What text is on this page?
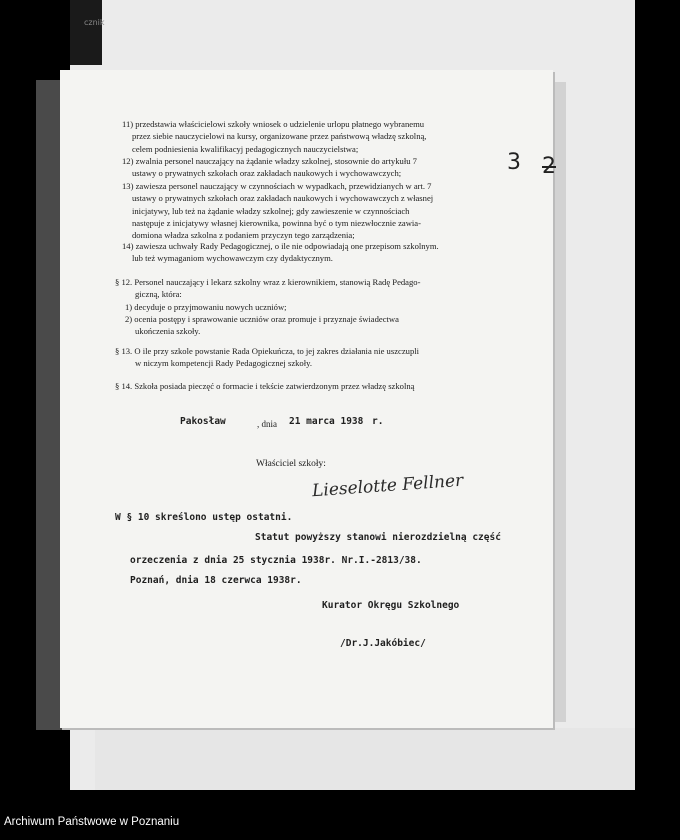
cznik
3 2
11) przedstawia właścicielowi szkoły wniosek o udzielenie urlopu płatnego wybranemu
przez siebie nauczycielowi na kursy, organizowane przez państwową władzę szkolną,
celem podniesienia kwalifikacyj pedagogicznych nauczycielstwa;
12) zwalnia personel nauczający na żądanie władzy szkolnej, stosownie do artykułu 7
ustawy o prywatnych szkołach oraz zakładach naukowych i wychowawczych;
13) zawiesza personel nauczający w czynnościach w wypadkach, przewidzianych w art. 7
ustawy o prywatnych szkołach oraz zakładach naukowych i wychowawczych z własnej
inicjatywy, lub też na żądanie władzy szkolnej; gdy zawieszenie w czynnościach
następuje z inicjatywy własnej kierownika, powinna być o tym niezwłocznie zawia-
domiona władza szkolna z podaniem przyczyn tego zarządzenia;
14) zawiesza uchwały Rady Pedagogicznej, o ile nie odpowiadają one przepisom szkolnym.
lub też wymaganiom wychowawczym czy dydaktycznym.
§ 12. Personel nauczający i lekarz szkolny wraz z kierownikiem, stanowią Radę Pedago-
giczną, która:
1) decyduje o przyjmowaniu nowych uczniów;
2) ocenia postępy i sprawowanie uczniów oraz promuje i przyznaje świadectwa
ukończenia szkoły.
§ 13. O ile przy szkole powstanie Rada Opiekuńcza, to jej zakres działania nie uszczupli
w niczym kompetencji Rady Pedagogicznej szkoły.
§ 14. Szkoła posiada pieczęć o formacie i tekście zatwierdzonym przez władzę szkolną
Pakosław	, dnia 21 marca 1938 r.
Właściciel szkoły:
Lieselotte Fellner
W § 10 skreślono ustęp ostatni.
Statut powyższy stanowi nierozdzielną część
orzeczenia z dnia 25 stycznia 1938r. Nr.I.-2813/38.
Poznań, dnia 18 czerwca 1938r.
Kurator Okręgu Szkolnego
/Dr.J.Jakóbiec/
Archiwum Państwowe w Poznaniu
